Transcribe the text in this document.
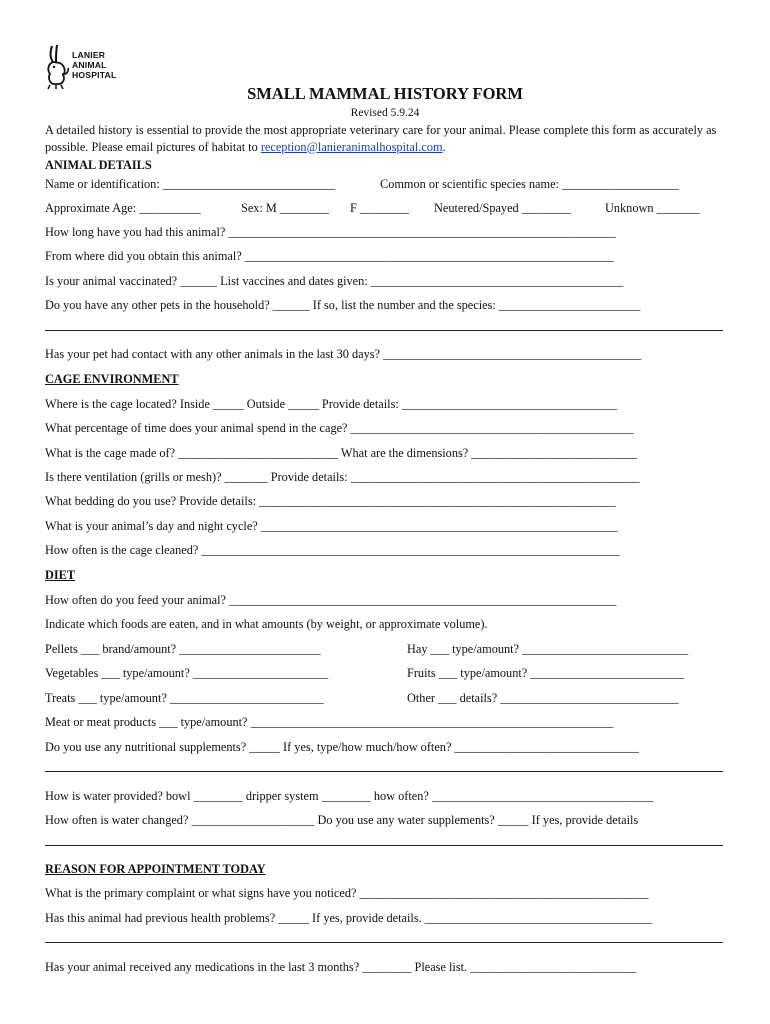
LANIER
ANIMAL
HOSPITAL
SMALL MAMMAL HISTORY FORM
Revised 5.9.24
A detailed history is essential to provide the most appropriate veterinary care for your animal. Please complete this form as accurately as possible. Please email pictures of habitat to reception@lanieranimalhospital.com.
ANIMAL DETAILS
Name or identification: ____________________________	Common or scientific species name: ___________________
Approximate Age: __________	Sex: M ________ F ________ Neutered/Spayed ________	Unknown _______
How long have you had this animal? _______________________________________________________________
From where did you obtain this animal? ____________________________________________________________
Is your animal vaccinated? ______ List vaccines and dates given: _________________________________________
Do you have any other pets in the household? ______ If so, list the number and the species: _______________________
Has your pet had contact with any other animals in the last 30 days? __________________________________________
CAGE ENVIRONMENT
Where is the cage located? Inside _____ Outside _____ Provide details: ___________________________________
What percentage of time does your animal spend in the cage? ______________________________________________
What is the cage made of? __________________________ What are the dimensions? ___________________________
Is there ventilation (grills or mesh)? _______ Provide details: _______________________________________________
What bedding do you use? Provide details: __________________________________________________________
What is your animal’s day and night cycle? __________________________________________________________
How often is the cage cleaned? ____________________________________________________________________
DIET
How often do you feed your animal? _______________________________________________________________
Indicate which foods are eaten, and in what amounts (by weight, or approximate volume).
Pellets ___ brand/amount? _______________________	Hay ___ type/amount? ___________________________
Vegetables ___ type/amount? ______________________	Fruits ___ type/amount? _________________________
Treats ___ type/amount? _________________________	Other ___ details? _____________________________
Meat or meat products ___ type/amount? ___________________________________________________________
Do you use any nutritional supplements? _____ If yes, type/how much/how often? ______________________________
How is water provided? bowl ________ dripper system ________ how often? ____________________________________
How often is water changed? ____________________ Do you use any water supplements? _____ If yes, provide details
REASON FOR APPOINTMENT TODAY
What is the primary complaint or what signs have you noticed? _______________________________________________
Has this animal had previous health problems? _____ If yes, provide details. _____________________________________
Has your animal received any medications in the last 3 months? ________ Please list. ___________________________
